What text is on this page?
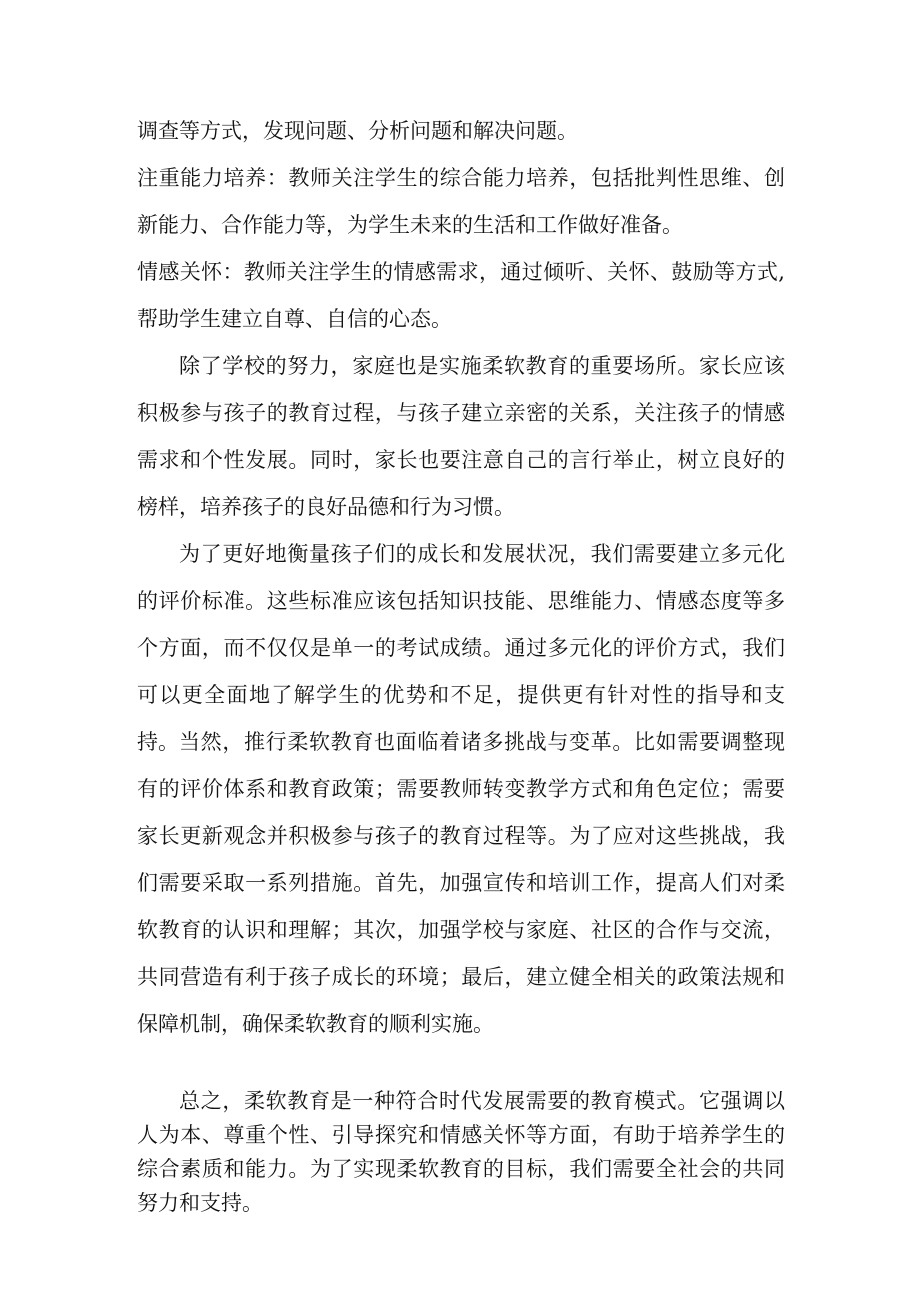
调查等方式，发现问题、分析问题和解决问题。

注重能力培养：教师关注学生的综合能力培养，包括批判性思维、创新能力、合作能力等，为学生未来的生活和工作做好准备。

情感关怀：教师关注学生的情感需求，通过倾听、关怀、鼓励等方式,帮助学生建立自尊、自信的心态。

除了学校的努力，家庭也是实施柔软教育的重要场所。家长应该积极参与孩子的教育过程，与孩子建立亲密的关系，关注孩子的情感需求和个性发展。同时，家长也要注意自己的言行举止，树立良好的榜样，培养孩子的良好品德和行为习惯。

为了更好地衡量孩子们的成长和发展状况，我们需要建立多元化的评价标准。这些标准应该包括知识技能、思维能力、情感态度等多个方面，而不仅仅是单一的考试成绩。通过多元化的评价方式，我们可以更全面地了解学生的优势和不足，提供更有针对性的指导和支持。 当然，推行柔软教育也面临着诸多挑战与变革。比如需要调整现有的评价体系和教育政策；需要教师转变教学方式和角色定位；需要家长更新观念并积极参与孩子的教育过程等。为了应对这些挑战，我们需要采取一系列措施。首先，加强宣传和培训工作，提高人们对柔软教育的认识和理解；其次，加强学校与家庭、社区的合作与交流，共同营造有利于孩子成长的环境；最后，建立健全相关的政策法规和保障机制，确保柔软教育的顺利实施。

总之，柔软教育是一种符合时代发展需要的教育模式。它强调以人为本、尊重个性、引导探究和情感关怀等方面，有助于培养学生的综合素质和能力。为了实现柔软教育的目标，我们需要全社会的共同努力和支持。
